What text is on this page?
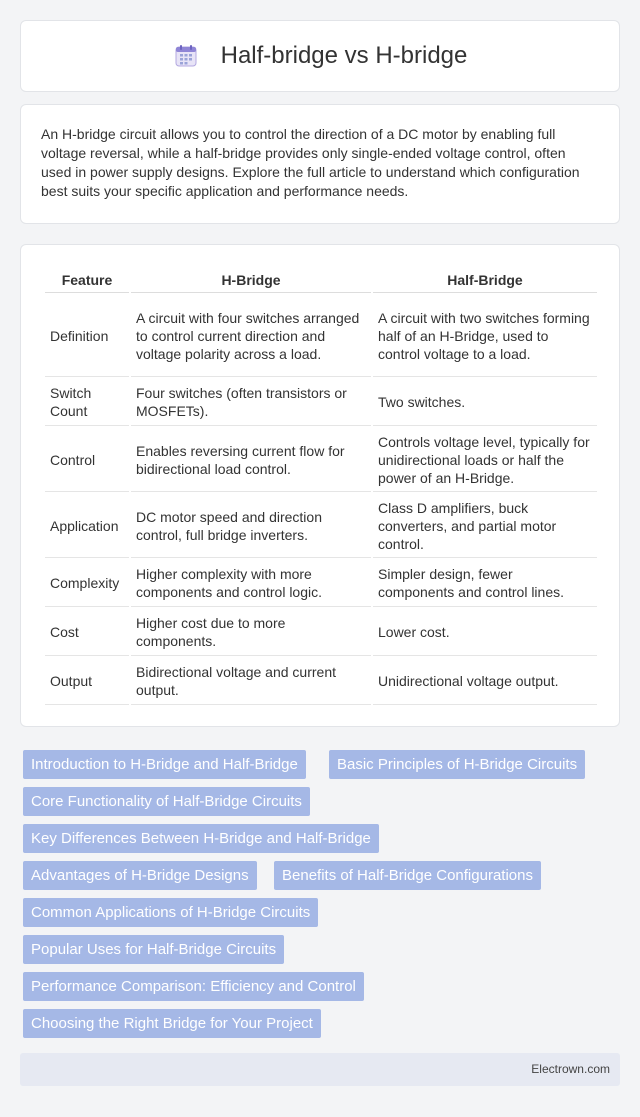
Half-bridge vs H-bridge

An H-bridge circuit allows you to control the direction of a DC motor by enabling full voltage reversal, while a half-bridge provides only single-ended voltage control, often used in power supply designs. Explore the full article to understand which configuration best suits your specific application and performance needs.

Feature	H-Bridge	Half-Bridge
Definition	A circuit with four switches arranged to control current direction and voltage polarity across a load.	A circuit with two switches forming half of an H-Bridge, used to control voltage to a load.
Switch Count	Four switches (often transistors or MOSFETs).	Two switches.
Control	Enables reversing current flow for bidirectional load control.	Controls voltage level, typically for unidirectional loads or half the power of an H-Bridge.
Application	DC motor speed and direction control, full bridge inverters.	Class D amplifiers, buck converters, and partial motor control.
Complexity	Higher complexity with more components and control logic.	Simpler design, fewer components and control lines.
Cost	Higher cost due to more components.	Lower cost.
Output	Bidirectional voltage and current output.	Unidirectional voltage output.
Introduction to H-Bridge and Half-Bridge	Basic Principles of H-Bridge Circuits
Core Functionality of Half-Bridge Circuits
Key Differences Between H-Bridge and Half-Bridge
Advantages of H-Bridge Designs	Benefits of Half-Bridge Configurations
Common Applications of H-Bridge Circuits
Popular Uses for Half-Bridge Circuits
Performance Comparison: Efficiency and Control
Choosing the Right Bridge for Your Project
Electrown.com
